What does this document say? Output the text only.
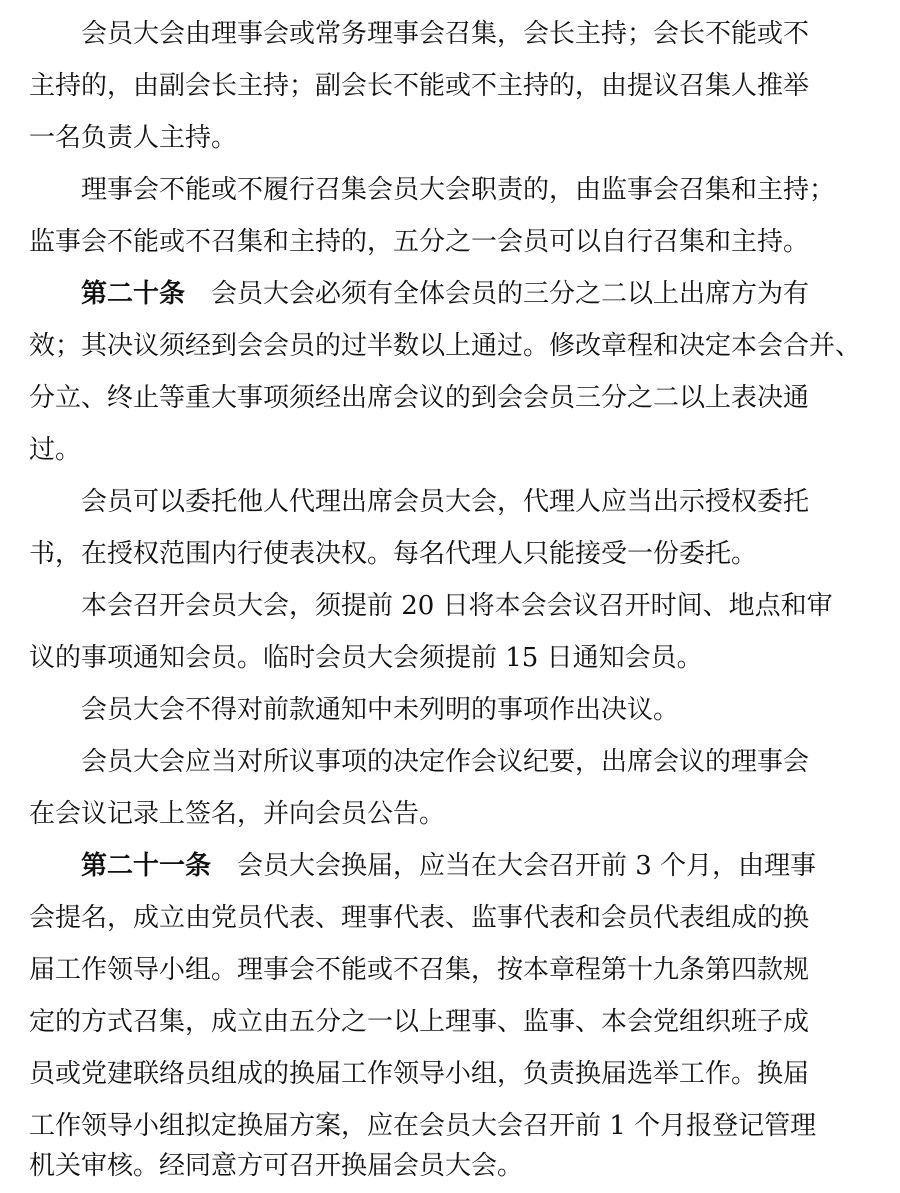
会员大会由理事会或常务理事会召集，会长主持；会长不能或不
主持的，由副会长主持；副会长不能或不主持的，由提议召集人推举
一名负责人主持。
理事会不能或不履行召集会员大会职责的，由监事会召集和主持；
监事会不能或不召集和主持的，五分之一会员可以自行召集和主持。
第二十条 会员大会必须有全体会员的三分之二以上出席方为有
效；其决议须经到会会员的过半数以上通过。修改章程和决定本会合并、
分立、终止等重大事项须经出席会议的到会会员三分之二以上表决通
过。
会员可以委托他人代理出席会员大会，代理人应当出示授权委托
书，在授权范围内行使表决权。每名代理人只能接受一份委托。
本会召开会员大会，须提前 20 日将本会会议召开时间、地点和审
议的事项通知会员。临时会员大会须提前 15 日通知会员。
会员大会不得对前款通知中未列明的事项作出决议。
会员大会应当对所议事项的决定作会议纪要，出席会议的理事会
在会议记录上签名，并向会员公告。
第二十一条 会员大会换届，应当在大会召开前 3 个月，由理事
会提名，成立由党员代表、理事代表、监事代表和会员代表组成的换
届工作领导小组。理事会不能或不召集，按本章程第十九条第四款规
定的方式召集，成立由五分之一以上理事、监事、本会党组织班子成
员或党建联络员组成的换届工作领导小组，负责换届选举工作。换届
工作领导小组拟定换届方案，应在会员大会召开前 1 个月报登记管理
机关审核。经同意方可召开换届会员大会。
